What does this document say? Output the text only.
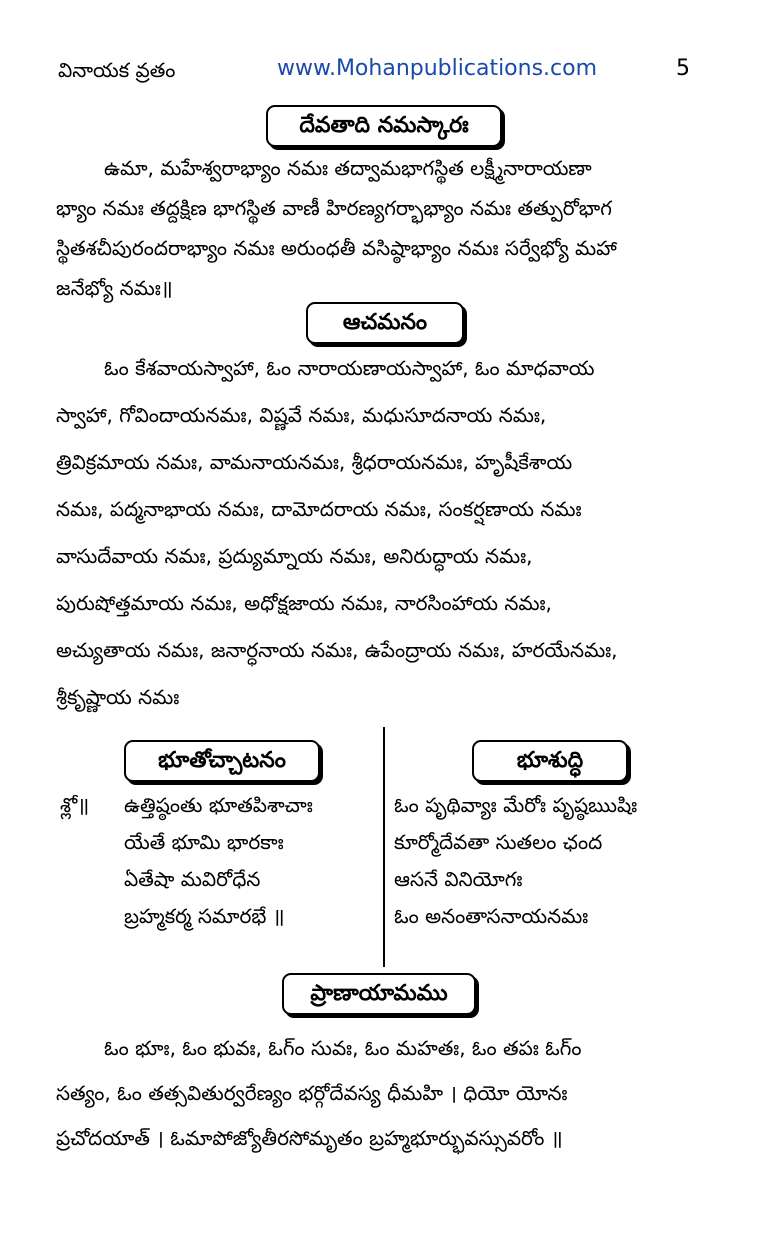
వినాయక వ్రతం	www.Mohanpublications.com	5
దేవతాది నమస్కారః
ఉమా, మహేశ్వరాభ్యాం నమః తద్వామభాగస్థిత లక్ష్మీనారాయణా
భ్యాం నమః తద్దక్షిణ భాగస్థిత వాణీ హిరణ్యగర్భాభ్యాం నమః తత్పురోభాగ
స్థితశచీపురందరాభ్యాం నమః అరుంధతీ వసిష్ఠాభ్యాం నమః సర్వేభ్యో మహా
జనేభ్యో నమః॥
ఆచమనం
ఓం కేశవాయస్వాహా, ఓం నారాయణాయస్వాహా, ఓం మాధవాయ
స్వాహా, గోవిందాయనమః, విష్ణవే నమః, మధుసూదనాయ నమః,
త్రివిక్రమాయ నమః, వామనాయనమః, శ్రీధరాయనమః, హృషీకేశాయ
నమః, పద్మనాభాయ నమః, దామోదరాయ నమః, సంకర్షణాయ నమః
వాసుదేవాయ నమః, ప్రద్యుమ్నాయ నమః, అనిరుద్ధాయ నమః,
పురుషోత్తమాయ నమః, అధోక్షజాయ నమః, నారసింహాయ నమః,
అచ్యుతాయ నమః, జనార్ధనాయ నమః, ఉపేంద్రాయ నమః, హరయేనమః,
శ్రీకృష్ణాయ నమః
భూతోచ్చాటనం
శ్లో॥ ఉత్తిష్ఠంతు భూతపిశాచాః
యేతే భూమి భారకాః
ఏతేషా మవిరోధేన
బ్రహ్మకర్మ సమారభే ॥
భూశుద్ధి
ఓం పృథివ్యాః మేరోః పృష్ఠఋషిః
కూర్మోదేవతా సుతలం ఛంద
ఆసనే వినియోగః
ఓం అనంతాసనాయనమః
ప్రాణాయామము
ఓం భూః, ఓం భువః, ఓగ్ం సువః, ఓం మహతః, ఓం తపః ఓగ్ం
సత్యం, ఓం తత్సవితుర్వరేణ్యం భర్గోదేవస్య ధీమహి । ధియో యోనః
ప్రచోదయాత్ । ఓమాపోజ్యోతీరసోమృతం బ్రహ్మభూర్భువస్సువరోం ॥
